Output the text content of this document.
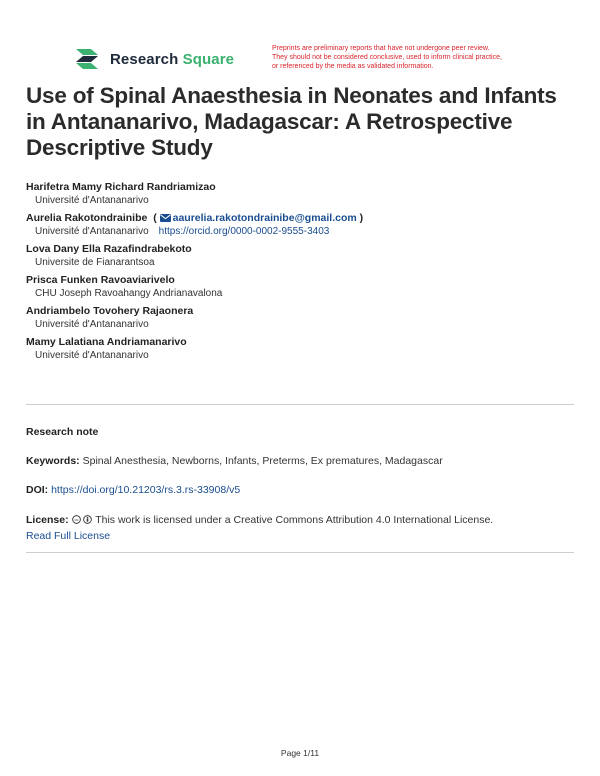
Research Square
Preprints are preliminary reports that have not undergone peer review.
They should not be considered conclusive, used to inform clinical practice,
or referenced by the media as validated information.
Use of Spinal Anaesthesia in Neonates and Infants in Antananarivo, Madagascar: A Retrospective Descriptive Study
Harifetra Mamy Richard Randriamizao
Université d'Antananarivo
Aurelia Rakotondrainibe  ( aaurelia.rakotondrainibe@gmail.com )
Université d'Antananarivo https://orcid.org/0000-0002-9555-3403
Lova Dany Ella Razafindrabekoto
Universite de Fianarantsoa
Prisca Funken Ravoaviarivelo
CHU Joseph Ravoahangy Andrianavalona
Andriambelo Tovohery Rajaonera
Université d'Antananarivo
Mamy Lalatiana Andriamanarivo
Université d'Antananarivo
Research note
Keywords: Spinal Anesthesia, Newborns, Infants, Preterms, Ex prematures, Madagascar
DOI: https://doi.org/10.21203/rs.3.rs-33908/v5
License: cc This work is licensed under a Creative Commons Attribution 4.0 International License.
Read Full License
Page 1/11
